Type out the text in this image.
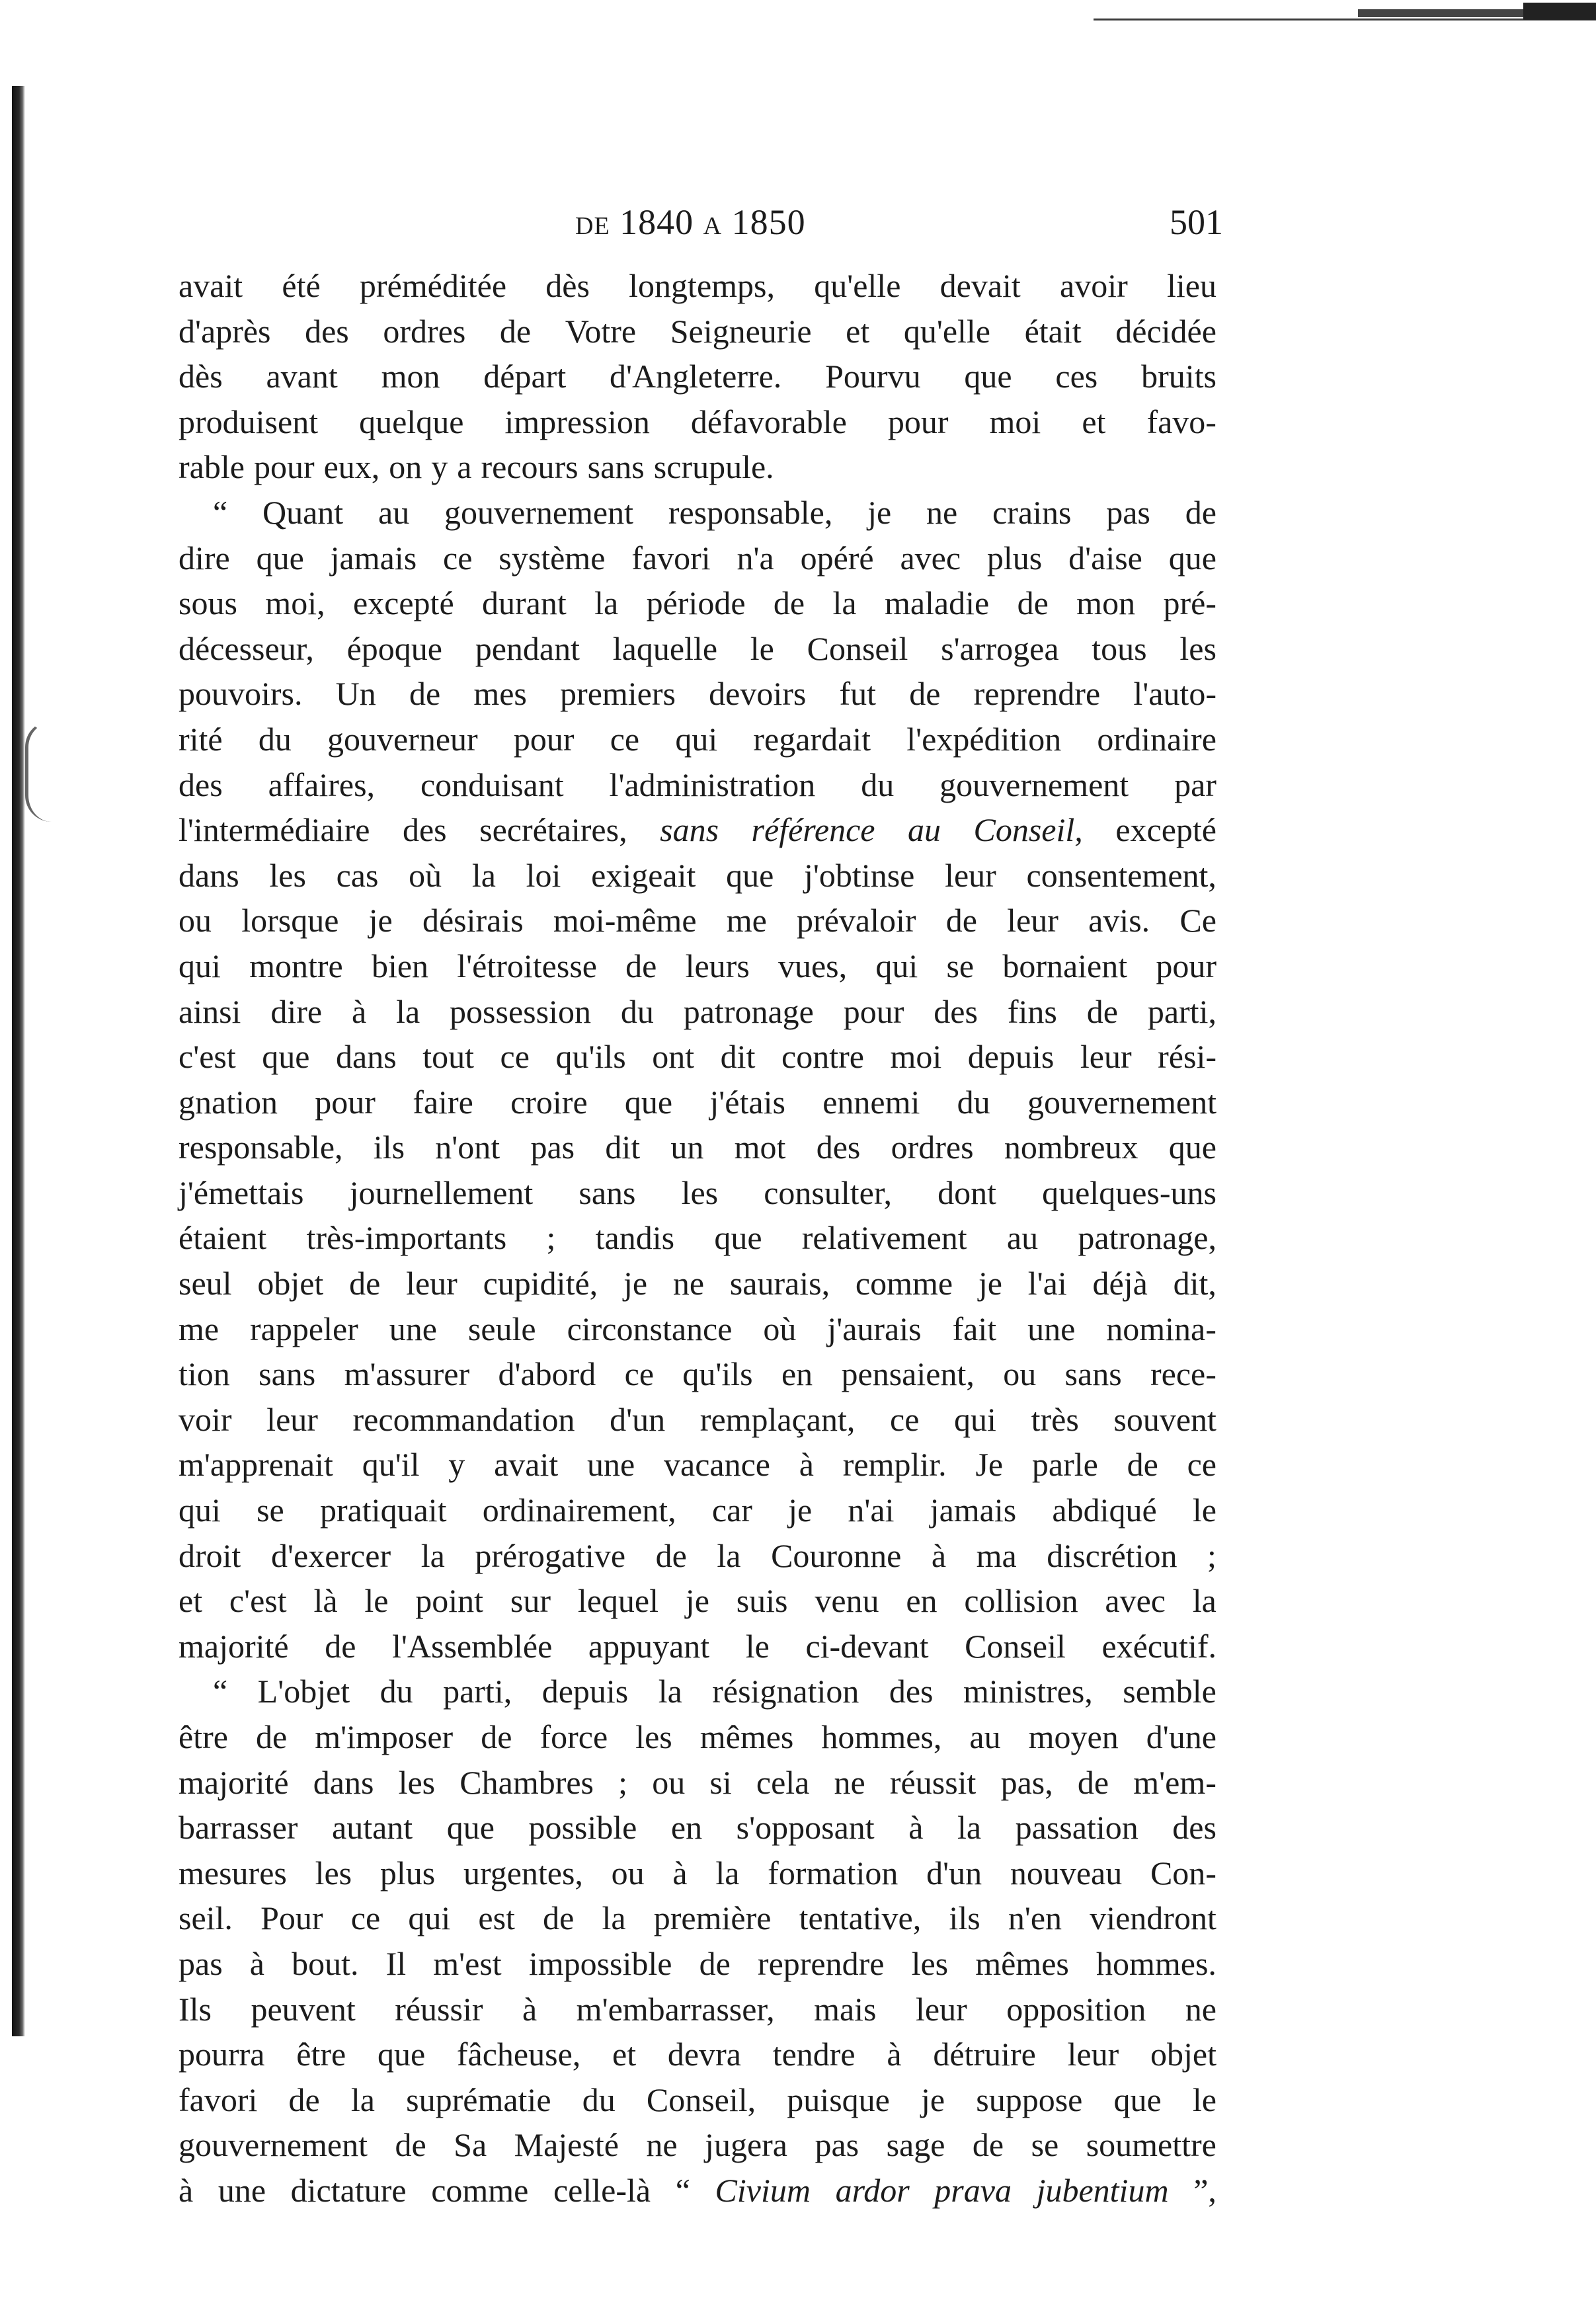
de 1840 a 1850	501
avait été préméditée dès longtemps, qu'elle devait avoir lieu
d'après des ordres de Votre Seigneurie et qu'elle était décidée
dès avant mon départ d'Angleterre. Pourvu que ces bruits
produisent quelque impression défavorable pour moi et favo-
rable pour eux, on y a recours sans scrupule.
“ Quant au gouvernement responsable, je ne crains pas de
dire que jamais ce système favori n'a opéré avec plus d'aise que
sous moi, excepté durant la période de la maladie de mon pré-
décesseur, époque pendant laquelle le Conseil s'arrogea tous les
pouvoirs. Un de mes premiers devoirs fut de reprendre l'auto-
rité du gouverneur pour ce qui regardait l'expédition ordinaire
des affaires, conduisant l'administration du gouvernement par
l'intermédiaire des secrétaires, sans référence au Conseil, excepté
dans les cas où la loi exigeait que j'obtinse leur consentement,
ou lorsque je désirais moi-même me prévaloir de leur avis. Ce
qui montre bien l'étroitesse de leurs vues, qui se bornaient pour
ainsi dire à la possession du patronage pour des fins de parti,
c'est que dans tout ce qu'ils ont dit contre moi depuis leur rési-
gnation pour faire croire que j'étais ennemi du gouvernement
responsable, ils n'ont pas dit un mot des ordres nombreux que
j'émettais journellement sans les consulter, dont quelques-uns
étaient très-importants ; tandis que relativement au patronage,
seul objet de leur cupidité, je ne saurais, comme je l'ai déjà dit,
me rappeler une seule circonstance où j'aurais fait une nomina-
tion sans m'assurer d'abord ce qu'ils en pensaient, ou sans rece-
voir leur recommandation d'un remplaçant, ce qui très souvent
m'apprenait qu'il y avait une vacance à remplir. Je parle de ce
qui se pratiquait ordinairement, car je n'ai jamais abdiqué le
droit d'exercer la prérogative de la Couronne à ma discrétion ;
et c'est là le point sur lequel je suis venu en collision avec la
majorité de l'Assemblée appuyant le ci-devant Conseil exécutif.
“ L'objet du parti, depuis la résignation des ministres, semble
être de m'imposer de force les mêmes hommes, au moyen d'une
majorité dans les Chambres ; ou si cela ne réussit pas, de m'em-
barrasser autant que possible en s'opposant à la passation des
mesures les plus urgentes, ou à la formation d'un nouveau Con-
seil. Pour ce qui est de la première tentative, ils n'en viendront
pas à bout. Il m'est impossible de reprendre les mêmes hommes.
Ils peuvent réussir à m'embarrasser, mais leur opposition ne
pourra être que fâcheuse, et devra tendre à détruire leur objet
favori de la suprématie du Conseil, puisque je suppose que le
gouvernement de Sa Majesté ne jugera pas sage de se soumettre
à une dictature comme celle-là “ Civium ardor prava jubentium ”,
